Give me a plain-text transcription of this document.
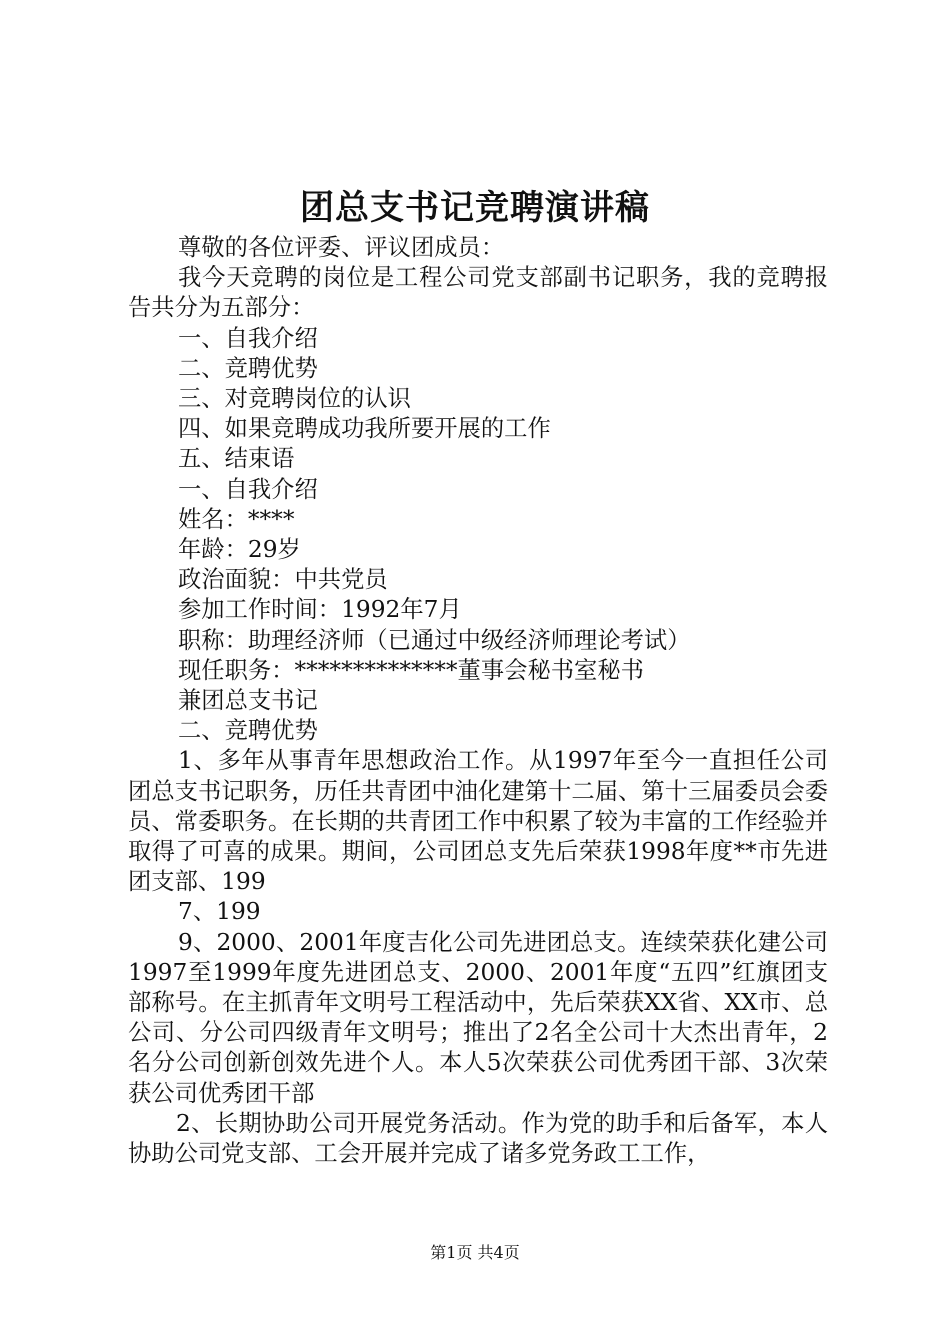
团总支书记竞聘演讲稿

尊敬的各位评委、评议团成员：

我今天竞聘的岗位是工程公司党支部副书记职务，我的竞聘报告共分为五部分：

一、自我介绍

二、竞聘优势

三、对竞聘岗位的认识

四、如果竞聘成功我所要开展的工作

五、结束语

一、自我介绍

姓名：****

年龄：29岁

政治面貌：中共党员

参加工作时间：1992年7月

职称：助理经济师（已通过中级经济师理论考试）

现任职务：**************董事会秘书室秘书

兼团总支书记

二、竞聘优势

1、多年从事青年思想政治工作。从1997年至今一直担任公司团总支书记职务，历任共青团中油化建第十二届、第十三届委员会委员、常委职务。在长期的共青团工作中积累了较为丰富的工作经验并取得了可喜的成果。期间，公司团总支先后荣获1998年度**市先进团支部、199

7、199

9、2000、2001年度吉化公司先进团总支。连续荣获化建公司1997至1999年度先进团总支、2000、2001年度“五四”红旗团支部称号。在主抓青年文明号工程活动中，先后荣获XX省、XX市、总公司、分公司四级青年文明号；推出了2名全公司十大杰出青年，2名分公司创新创效先进个人。本人5次荣获公司优秀团干部、3次荣获公司优秀团干部

2、长期协助公司开展党务活动。作为党的助手和后备军，本人协助公司党支部、工会开展并完成了诸多党务政工工作，

第1页 共4页
